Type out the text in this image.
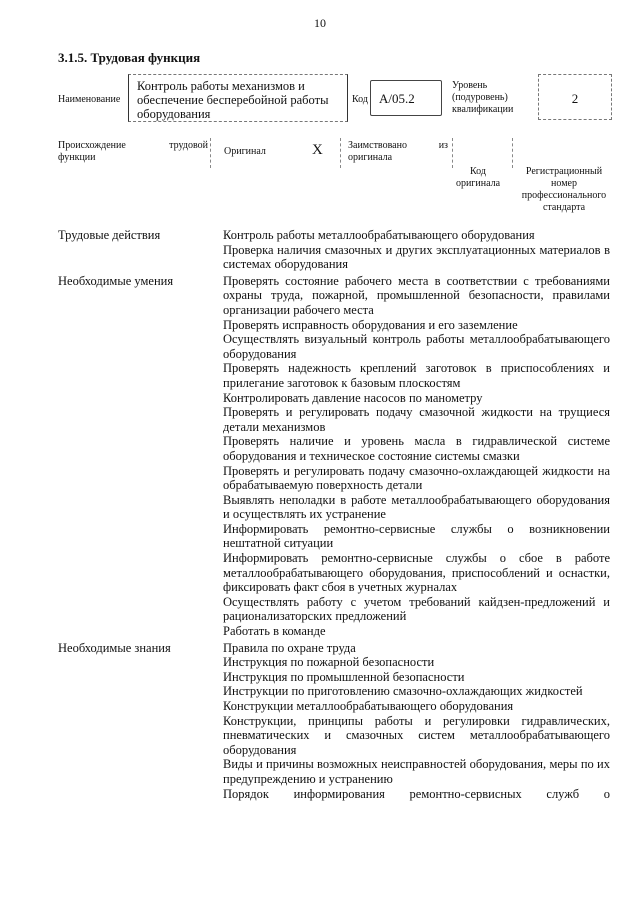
10
3.1.5. Трудовая функция
Наименование
Контроль работы механизмов и обеспечение бесперебойной работы оборудования
Код А/05.2
Уровень (подуровень) квалификации
2
Происхождение функции
трудовой
Оригинал	X	Заимствовано оригинала
из
Код оригинала
Регистрационный номер профессионального стандарта
Трудовые действия	Контроль работы металлообрабатывающего оборудования
Проверка наличия смазочных и других эксплуатационных материалов в системах оборудования
Необходимые умения	Проверять состояние рабочего места в соответствии с требованиями охраны труда, пожарной, промышленной безопасности, правилами организации рабочего места
Проверять исправность оборудования и его заземление
Осуществлять визуальный контроль работы металлообрабатывающего оборудования
Проверять надежность креплений заготовок в приспособлениях и прилегание заготовок к базовым плоскостям
Контролировать давление насосов по манометру
Проверять и регулировать подачу смазочной жидкости на трущиеся детали механизмов
Проверять наличие и уровень масла в гидравлической системе оборудования и техническое состояние системы смазки
Проверять и регулировать подачу смазочно-охлаждающей жидкости на обрабатываемую поверхность детали
Выявлять неполадки в работе металлообрабатывающего оборудования и осуществлять их устранение
Информировать ремонтно-сервисные службы о возникновении нештатной ситуации
Информировать ремонтно-сервисные службы о сбое в работе металлообрабатывающего оборудования, приспособлений и оснастки, фиксировать факт сбоя в учетных журналах
Осуществлять работу с учетом требований кайдзен-предложений и рационализаторских предложений
Работать в команде
Необходимые знания	Правила по охране труда
Инструкция по пожарной безопасности
Инструкция по промышленной безопасности
Инструкции по приготовлению смазочно-охлаждающих жидкостей
Конструкции металлообрабатывающего оборудования
Конструкции, принципы работы и регулировки гидравлических, пневматических и смазочных систем металлообрабатывающего оборудования
Виды и причины возможных неисправностей оборудования, меры по их предупреждению и устранению
Порядок информирования ремонтно-сервисных служб о
